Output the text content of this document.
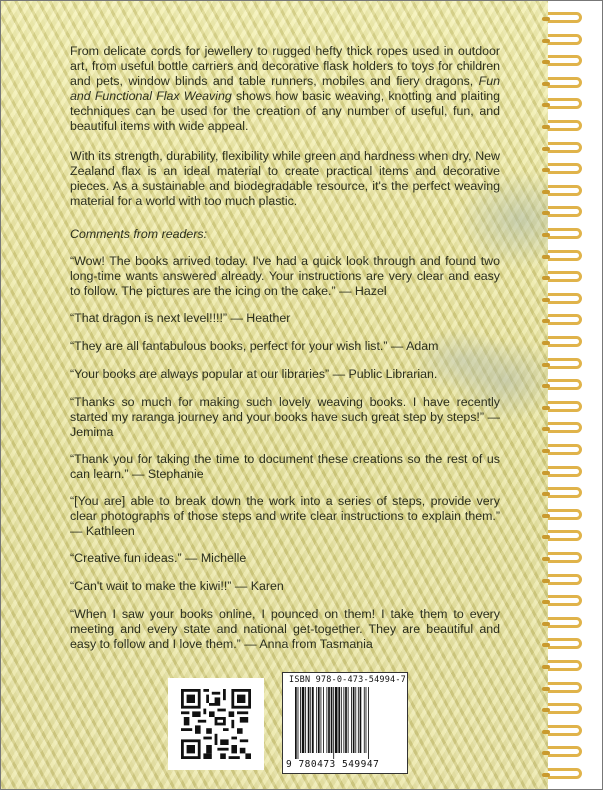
From delicate cords for jewellery to rugged hefty thick ropes used in outdoor art, from useful bottle carriers and decorative flask holders to toys for children and pets, window blinds and table runners, mobiles and fiery dragons, Fun and Functional Flax Weaving shows how basic weaving, knotting and plaiting techniques can be used for the creation of any number of useful, fun, and beautiful items with wide appeal.

With its strength, durability, flexibility while green and hardness when dry, New Zealand flax is an ideal material to create practical items and decorative pieces. As a sustainable and biodegradable resource, it's the perfect weaving material for a world with too much plastic.

Comments from readers:

“Wow! The books arrived today. I've had a quick look through and found two long-time wants answered already. Your instructions are very clear and easy to follow. The pictures are the icing on the cake.” — Hazel

“That dragon is next level!!!!” — Heather

“They are all fantabulous books, perfect for your wish list.” — Adam

“Your books are always popular at our libraries” — Public Librarian.

“Thanks so much for making such lovely weaving books. I have recently started my raranga journey and your books have such great step by steps!” — Jemima

“Thank you for taking the time to document these creations so the rest of us can learn.” — Stephanie

“[You are] able to break down the work into a series of steps, provide very clear photographs of those steps and write clear instructions to explain them.” — Kathleen

“Creative fun ideas.” — Michelle

“Can't wait to make the kiwi!!” — Karen

“When I saw your books online, I pounced on them! I take them to every meeting and every state and national get-together. They are beautiful and easy to follow and I love them.” — Anna from Tasmania

ISBN 978-0-473-54994-7
9 780473 549947
